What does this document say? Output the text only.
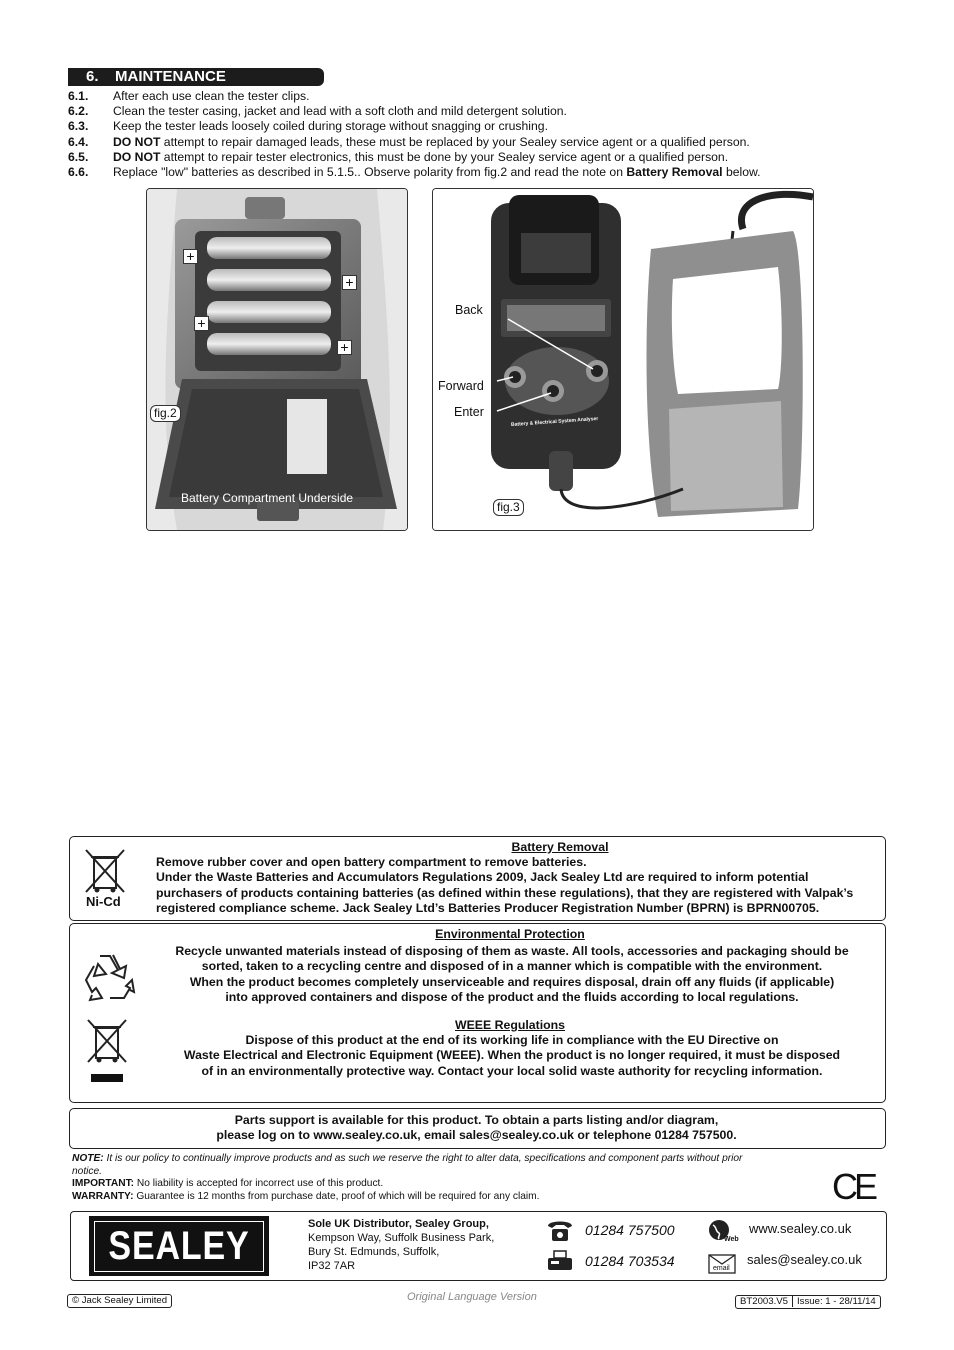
6. MAINTENANCE
6.1. After each use clean the tester clips.
6.2. Clean the tester casing, jacket and lead with a soft cloth and mild detergent solution.
6.3. Keep the tester leads loosely coiled during storage without snagging or crushing.
6.4. DO NOT attempt to repair damaged leads, these must be replaced by your Sealey service agent or a qualified person.
6.5. DO NOT attempt to repair tester electronics, this must be done by your Sealey service agent or a qualified person.
6.6. Replace "low" batteries as described in 5.1.5.. Observe polarity from fig.2 and read the note on Battery Removal below.
+
+
+
+
fig.2
Battery Compartment Underside
Back
Forward
Enter
Battery & Electrical System Analyser
fig.3
Ni-Cd
Battery Removal
Remove rubber cover and open battery compartment to remove batteries.
Under the Waste Batteries and Accumulators Regulations 2009, Jack Sealey Ltd are required to inform potential
purchasers of products containing batteries (as defined within these regulations), that they are registered with Valpak’s
registered compliance scheme. Jack Sealey Ltd’s Batteries Producer Registration Number (BPRN) is BPRN00705.
Environmental Protection
Recycle unwanted materials instead of disposing of them as waste. All tools, accessories and packaging should be
sorted, taken to a recycling centre and disposed of in a manner which is compatible with the environment.
When the product becomes completely unserviceable and requires disposal, drain off any fluids (if applicable)
into approved containers and dispose of the product and the fluids according to local regulations.
WEEE Regulations
Dispose of this product at the end of its working life in compliance with the EU Directive on
Waste Electrical and Electronic Equipment (WEEE). When the product is no longer required, it must be disposed
of in an environmentally protective way. Contact your local solid waste authority for recycling information.
Parts support is available for this product. To obtain a parts listing and/or diagram,
please log on to www.sealey.co.uk, email sales@sealey.co.uk or telephone 01284 757500.
NOTE: It is our policy to continually improve products and as such we reserve the right to alter data, specifications and component parts without prior
notice.
IMPORTANT: No liability is accepted for incorrect use of this product.
WARRANTY: Guarantee is 12 months from purchase date, proof of which will be required for any claim.	CE
SEALEY	Sole UK Distributor, Sealey Group,
Kempson Way, Suffolk Business Park,
Bury St. Edmunds, Suffolk,
IP32 7AR
01284 757500
01284 703534
Web
www.sealey.co.uk
email
sales@sealey.co.uk
© Jack Sealey Limited	Original Language Version	BT2003.V5 Issue: 1 - 28/11/14
